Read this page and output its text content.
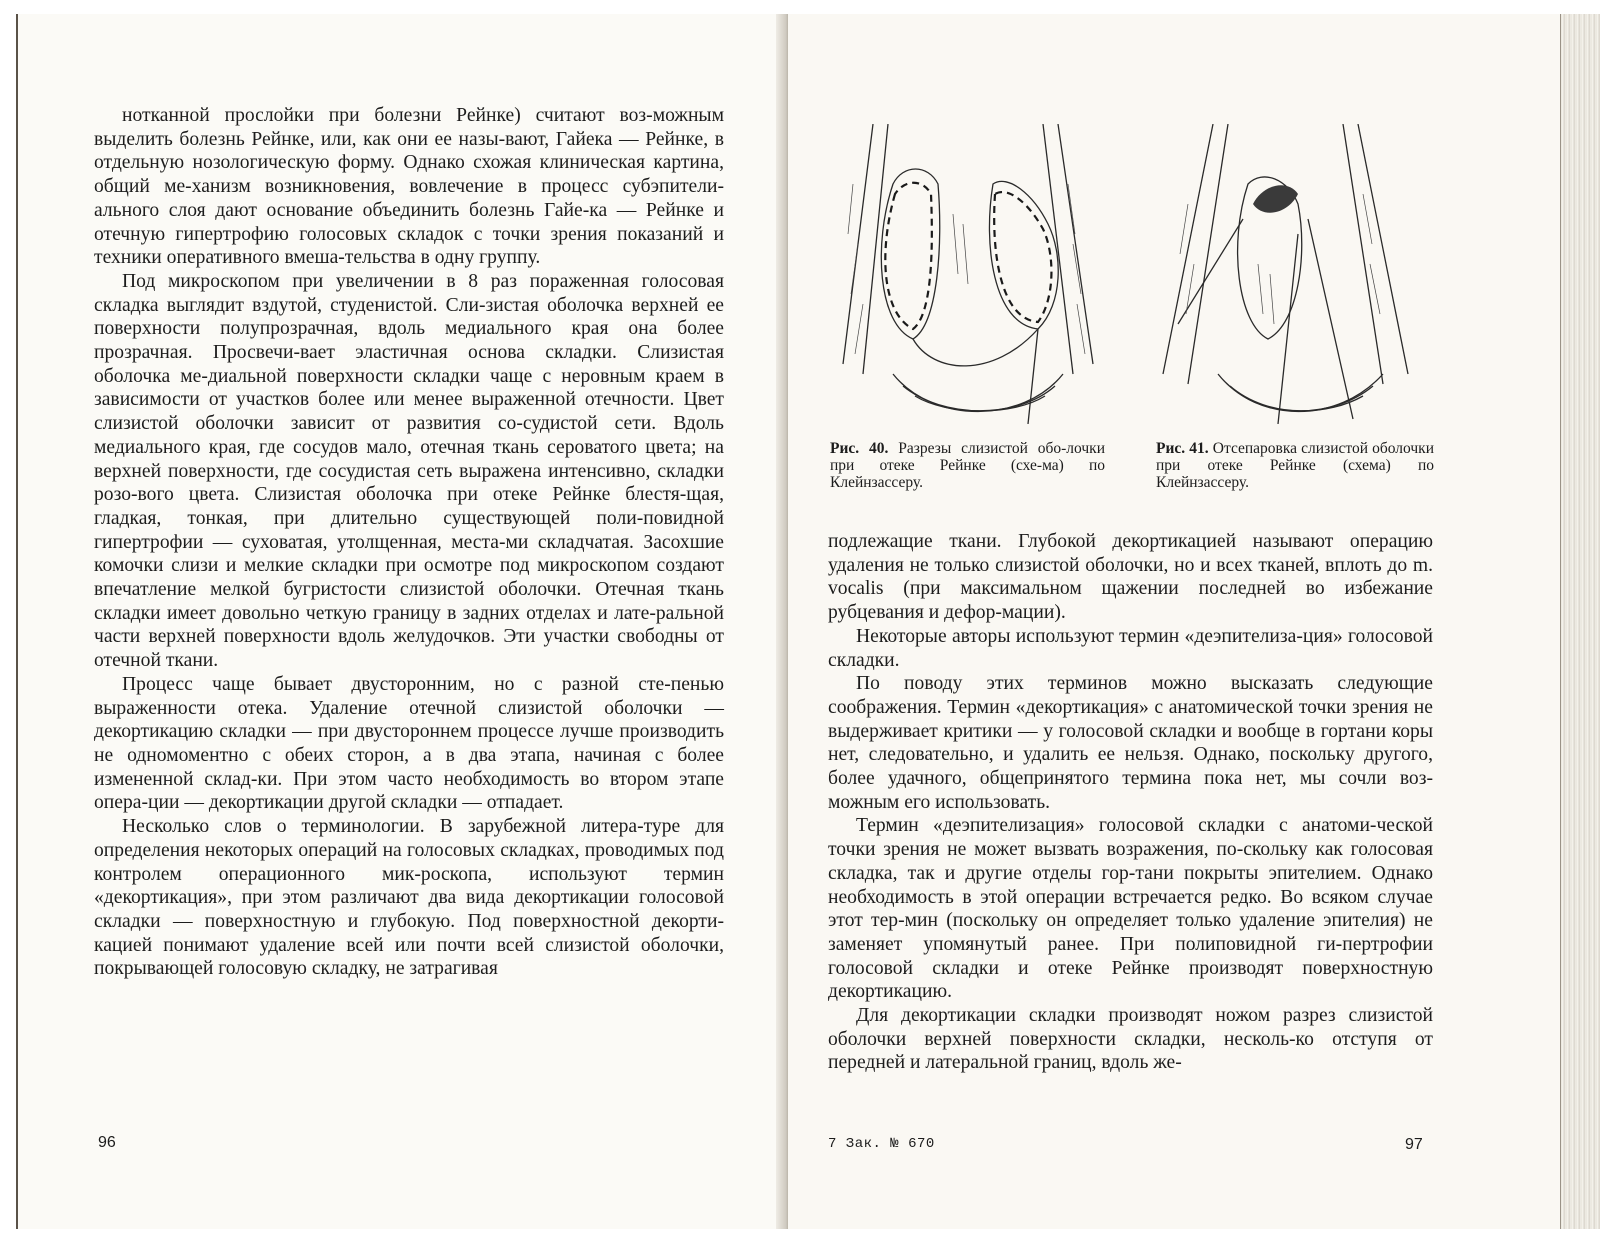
нотканной прослойки при болезни Рейнке) считают воз-можным выделить болезнь Рейнке, или, как они ее назы-вают, Гайека — Рейнке, в отдельную нозологическую форму. Однако схожая клиническая картина, общий ме-ханизм возникновения, вовлечение в процесс субэпители-ального слоя дают основание объединить болезнь Гайе-ка — Рейнке и отечную гипертрофию голосовых складок с точки зрения показаний и техники оперативного вмеша-тельства в одну группу.

Под микроскопом при увеличении в 8 раз пораженная голосовая складка выглядит вздутой, студенистой. Сли-зистая оболочка верхней ее поверхности полупрозрачная, вдоль медиального края она более прозрачная. Просвечи-вает эластичная основа складки. Слизистая оболочка ме-диальной поверхности складки чаще с неровным краем в зависимости от участков более или менее выраженной отечности. Цвет слизистой оболочки зависит от развития со-судистой сети. Вдоль медиального края, где сосудов мало, отечная ткань сероватого цвета; на верхней поверхности, где сосудистая сеть выражена интенсивно, складки розо-вого цвета. Слизистая оболочка при отеке Рейнке блестя-щая, гладкая, тонкая, при длительно существующей поли-повидной гипертрофии — суховатая, утолщенная, места-ми складчатая. Засохшие комочки слизи и мелкие складки при осмотре под микроскопом создают впечатление мелкой бугристости слизистой оболочки. Отечная ткань складки имеет довольно четкую границу в задних отделах и лате-ральной части верхней поверхности вдоль желудочков. Эти участки свободны от отечной ткани.

Процесс чаще бывает двусторонним, но с разной сте-пенью выраженности отека. Удаление отечной слизистой оболочки — декортикацию складки — при двустороннем процессе лучше производить не одномоментно с обеих сторон, а в два этапа, начиная с более измененной склад-ки. При этом часто необходимость во втором этапе опера-ции — декортикации другой складки — отпадает.

Несколько слов о терминологии. В зарубежной литера-туре для определения некоторых операций на голосовых складках, проводимых под контролем операционного мик-роскопа, используют термин «декортикация», при этом различают два вида декортикации голосовой складки — поверхностную и глубокую. Под поверхностной декорти-кацией понимают удаление всей или почти всей слизистой оболочки, покрывающей голосовую складку, не затрагивая

96
Рис. 40. Разрезы слизистой обо-лочки при отеке Рейнке (схе-ма) по Клейнзассеру.
Рис. 41. Отсепаровка слизистой оболочки при отеке Рейнке (схема) по Клейнзассеру.

подлежащие ткани. Глубокой декортикацией называют операцию удаления не только слизистой оболочки, но и всех тканей, вплоть до m. vocalis (при максимальном щажении последней во избежание рубцевания и дефор-мации).

Некоторые авторы используют термин «деэпителиза-ция» голосовой складки.

По поводу этих терминов можно высказать следующие соображения. Термин «декортикация» с анатомической точки зрения не выдерживает критики — у голосовой складки и вообще в гортани коры нет, следовательно, и удалить ее нельзя. Однако, поскольку другого, более удачного, общепринятого термина пока нет, мы сочли воз-можным его использовать.

Термин «деэпителизация» голосовой складки с анатоми-ческой точки зрения не может вызвать возражения, по-скольку как голосовая складка, так и другие отделы гор-тани покрыты эпителием. Однако необходимость в этой операции встречается редко. Во всяком случае этот тер-мин (поскольку он определяет только удаление эпителия) не заменяет упомянутый ранее. При полиповидной ги-пертрофии голосовой складки и отеке Рейнке производят поверхностную декортикацию.

Для декортикации складки производят ножом разрез слизистой оболочки верхней поверхности складки, несколь-ко отступя от передней и латеральной границ, вдоль же-

7 Зак. № 670	97
